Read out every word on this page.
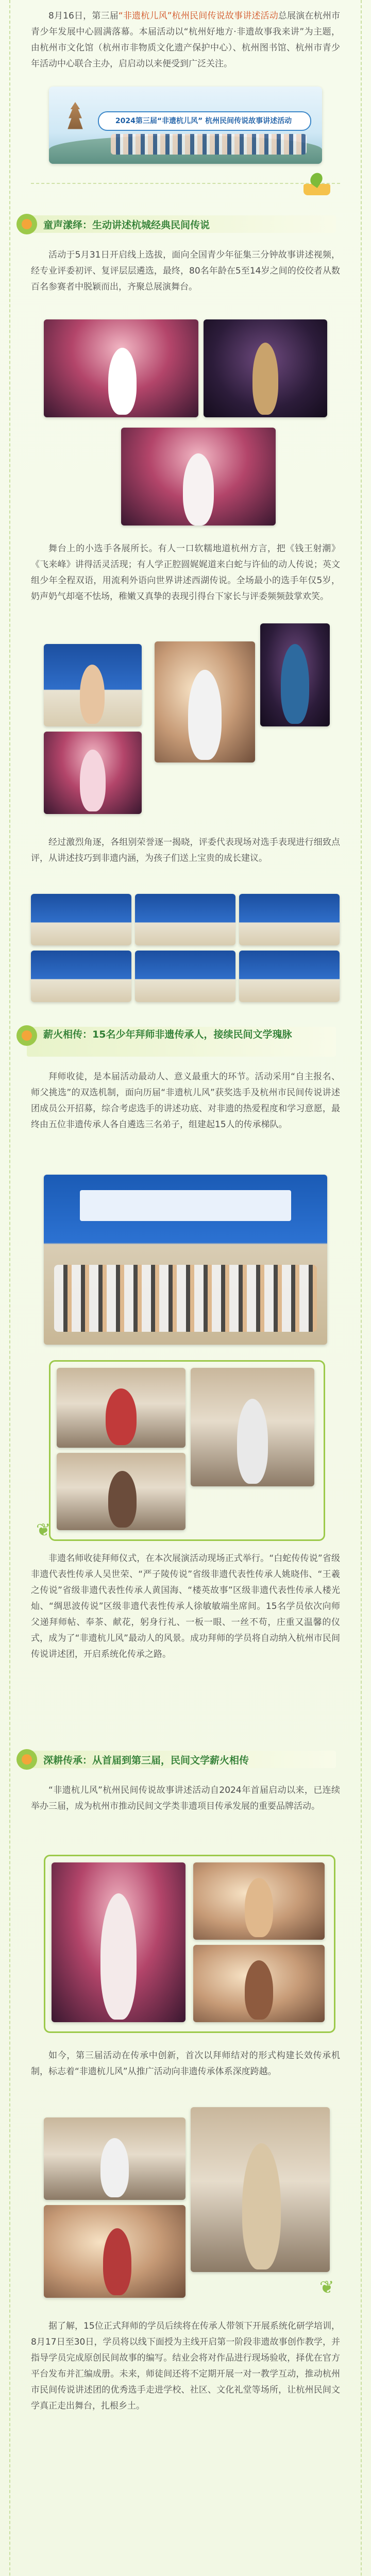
8月16日，第三届“非遗杭儿风”杭州民间传说故事讲述活动总展演在杭州市青少年发展中心圆满落幕。本届活动以“杭州好地方·非遗故事我来讲”为主题，由杭州市文化馆（杭州市非物质文化遗产保护中心）、杭州图书馆、杭州市青少年活动中心联合主办，启启动以来便受到广泛关注。

2024第三届“非遗杭儿风” 杭州民间传说故事讲述活动
童声漾绎：生动讲述杭城经典民间传说

活动于5月31日开启线上选拔，面向全国青少年征集三分钟故事讲述视频，经专业评委初评、复评层层遴选，最终，80名年龄在5至14岁之间的佼佼者从数百名参赛者中脱颖而出，齐聚总展演舞台。

舞台上的小选手各展所长。有人一口软糯地道杭州方言，把《钱王射潮》《飞来峰》讲得活灵活现；有人学正腔圆娓娓道来白蛇与许仙的动人传说；英文组少年全程双语，用流利外语向世界讲述西湖传说。全场最小的选手年仅5岁，奶声奶气却毫不怯场，稚嫩又真挚的表现引得台下家长与评委频频鼓掌欢笑。

经过激烈角逐，各组别荣誉逐一揭晓，评委代表现场对选手表现进行细致点评，从讲述技巧到非遗内涵，为孩子们送上宝贵的成长建议。

薪火相传：15名少年拜师非遗传承人，接续民间文学瑰脉

拜师收徒，是本届活动最动人、意义最重大的环节。活动采用“自主报名、师父挑选”的双选机制，面向历届“非遗杭儿风”获奖选手及杭州市民间传说讲述团成员公开招募，综合考虑选手的讲述功底、对非遗的热爱程度和学习意愿，最终由五位非遗传承人各自遴选三名弟子，组建起15人的传承梯队。

❦

非遗名师收徒拜师仪式，在本次展演活动现场正式举行。“白蛇传传说”省级非遗代表性传承人吴世荣、“严子陵传说”省级非遗代表性传承人姚晓伟、“王羲之传说”省级非遗代表性传承人黄国海、“楼英故事”区级非遗代表性传承人楼光灿、“绸思波传说”区级非遗代表性传承人徐敏敏端坐席间。15名学员依次向师父递拜师帖、奉茶、献花，躬身行礼、一板一眼、一丝不苟，庄重又温馨的仪式，成为了“非遗杭儿风”最动人的风景。成功拜师的学员将自动纳入杭州市民间传说讲述团，开启系统化传承之路。

深耕传承：从首届到第三届，民间文学薪火相传

“非遗杭儿风”杭州民间传说故事讲述活动自2024年首届启动以来，已连续举办三届，成为杭州市推动民间文学类非遗项目传承发展的重要品牌活动。

如今，第三届活动在传承中创新，首次以拜师结对的形式构建长效传承机制，标志着“非遗杭儿风”从推广活动向非遗传承体系深度跨越。

❦

据了解，15位正式拜师的学员后续将在传承人带领下开展系统化研学培训，8月17日至30日，学员将以线下面授为主线开启第一阶段非遗故事创作教学，并指导学员完成原创民间故事的编写。结业会将对作品进行现场验收，择优在官方平台发布并汇编成册。未来，师徒间还将不定期开展一对一教学互动，推动杭州市民间传说讲述团的优秀选手走进学校、社区、文化礼堂等场所，让杭州民间文学真正走出舞台，扎根乡土。
